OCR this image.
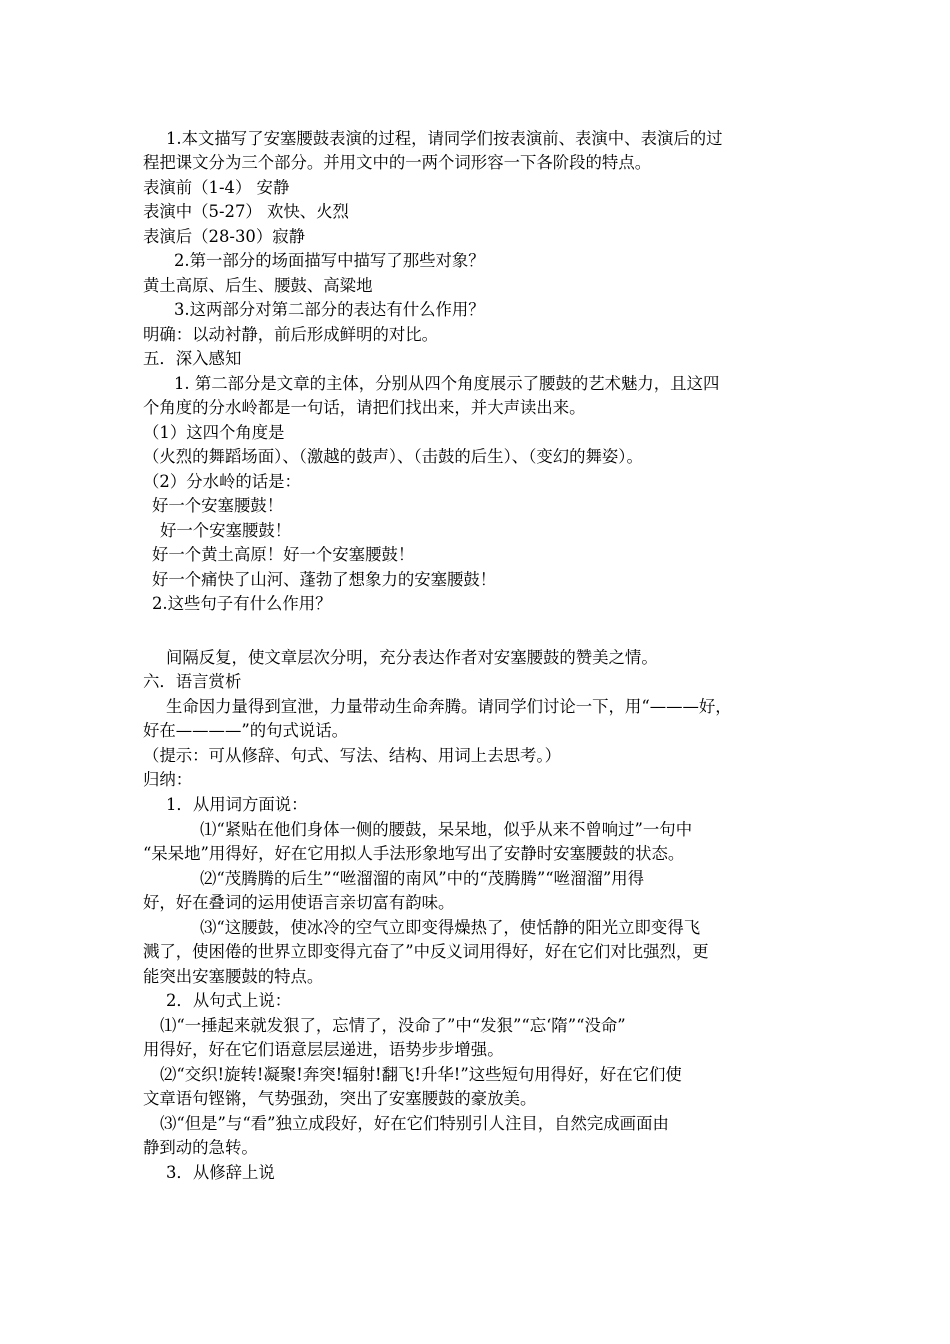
1.本文描写了安塞腰鼓表演的过程，请同学们按表演前、表演中、表演后的过
程把课文分为三个部分。并用文中的一两个词形容一下各阶段的特点。
表演前（1-4） 安静
表演中（5-27） 欢快、火烈
表演后（28-30）寂静
2.第一部分的场面描写中描写了那些对象？
黄土高原、后生、腰鼓、高粱地
3.这两部分对第二部分的表达有什么作用？
明确：以动衬静，前后形成鲜明的对比。
五．深入感知
1. 第二部分是文章的主体，分别从四个角度展示了腰鼓的艺术魅力，且这四
个角度的分水岭都是一句话，请把们找出来，并大声读出来。
（1）这四个角度是
（火烈的舞蹈场面）、（激越的鼓声）、（击鼓的后生）、（变幻的舞姿）。
（2）分水岭的话是：
好一个安塞腰鼓！
好一个安塞腰鼓！
好一个黄土高原！好一个安塞腰鼓！
好一个痛快了山河、蓬勃了想象力的安塞腰鼓！
2.这些句子有什么作用？
间隔反复，使文章层次分明，充分表达作者对安塞腰鼓的赞美之情。
六．语言赏析
生命因力量得到宣泄，力量带动生命奔腾。请同学们讨论一下，用“———好，
好在————”的句式说话。
（提示：可从修辞、句式、写法、结构、用词上去思考。）
归纳：
1．从用词方面说：
⑴“紧贴在他们身体一侧的腰鼓，呆呆地，似乎从来不曾响过”一句中
“呆呆地”用得好，好在它用拟人手法形象地写出了安静时安塞腰鼓的状态。
⑵“茂腾腾的后生”“咝溜溜的南风”中的“茂腾腾”“咝溜溜”用得
好，好在叠词的运用使语言亲切富有韵味。
⑶“这腰鼓，使冰冷的空气立即变得燥热了，使恬静的阳光立即变得飞
溅了，使困倦的世界立即变得亢奋了”中反义词用得好，好在它们对比强烈，更
能突出安塞腰鼓的特点。
2．从句式上说：
⑴“一捶起来就发狠了，忘情了，没命了”中“发狠”“忘‘隋”“没命”
用得好，好在它们语意层层递进，语势步步增强。
⑵“交织!旋转!凝聚!奔突!辐射!翻飞!升华!”这些短句用得好，好在它们使
文章语句铿锵，气势强劲，突出了安塞腰鼓的豪放美。
⑶“但是”与“看”独立成段好，好在它们特别引人注目，自然完成画面由
静到动的急转。
3．从修辞上说
